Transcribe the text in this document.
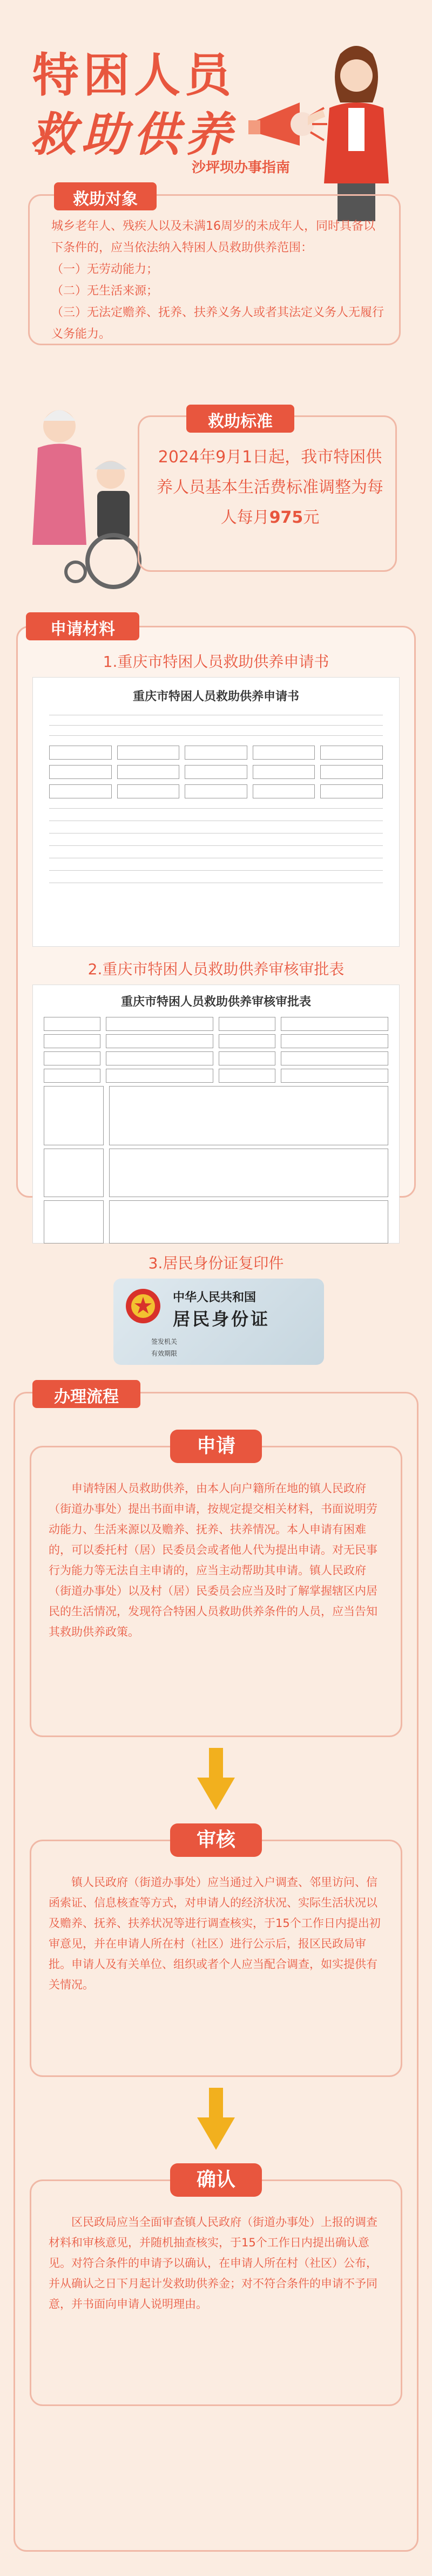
特困人员
救助供养
沙坪坝办事指南
救助对象
城乡老年人、残疾人以及未满16周岁的未成年人，同时具备以下条件的，应当依法纳入特困人员救助供养范围：
（一）无劳动能力；
（二）无生活来源；
（三）无法定赡养、抚养、扶养义务人或者其法定义务人无履行义务能力。
救助标准
2024年9月1日起，我市特困供养人员基本生活费标准调整为每人每月975元
申请材料
1.重庆市特困人员救助供养申请书
重庆市特困人员救助供养申请书
2.重庆市特困人员救助供养审核审批表
重庆市特困人员救助供养审核审批表
3.居民身份证复印件
中华人民共和国
居民身份证
签发机关
有效期限
办理流程
申请
申请特困人员救助供养，由本人向户籍所在地的镇人民政府（街道办事处）提出书面申请，按规定提交相关材料，书面说明劳动能力、生活来源以及赡养、抚养、扶养情况。本人申请有困难的，可以委托村（居）民委员会或者他人代为提出申请。对无民事行为能力等无法自主申请的，应当主动帮助其申请。镇人民政府（街道办事处）以及村（居）民委员会应当及时了解掌握辖区内居民的生活情况，发现符合特困人员救助供养条件的人员，应当告知其救助供养政策。
审核
镇人民政府（街道办事处）应当通过入户调查、邻里访问、信函索证、信息核查等方式，对申请人的经济状况、实际生活状况以及赡养、抚养、扶养状况等进行调查核实，于15个工作日内提出初审意见，并在申请人所在村（社区）进行公示后，报区民政局审批。申请人及有关单位、组织或者个人应当配合调查，如实提供有关情况。
确认
区民政局应当全面审查镇人民政府（街道办事处）上报的调查材料和审核意见，并随机抽查核实，于15个工作日内提出确认意见。对符合条件的申请予以确认，在申请人所在村（社区）公布，并从确认之日下月起计发救助供养金；对不符合条件的申请不予同意，并书面向申请人说明理由。
